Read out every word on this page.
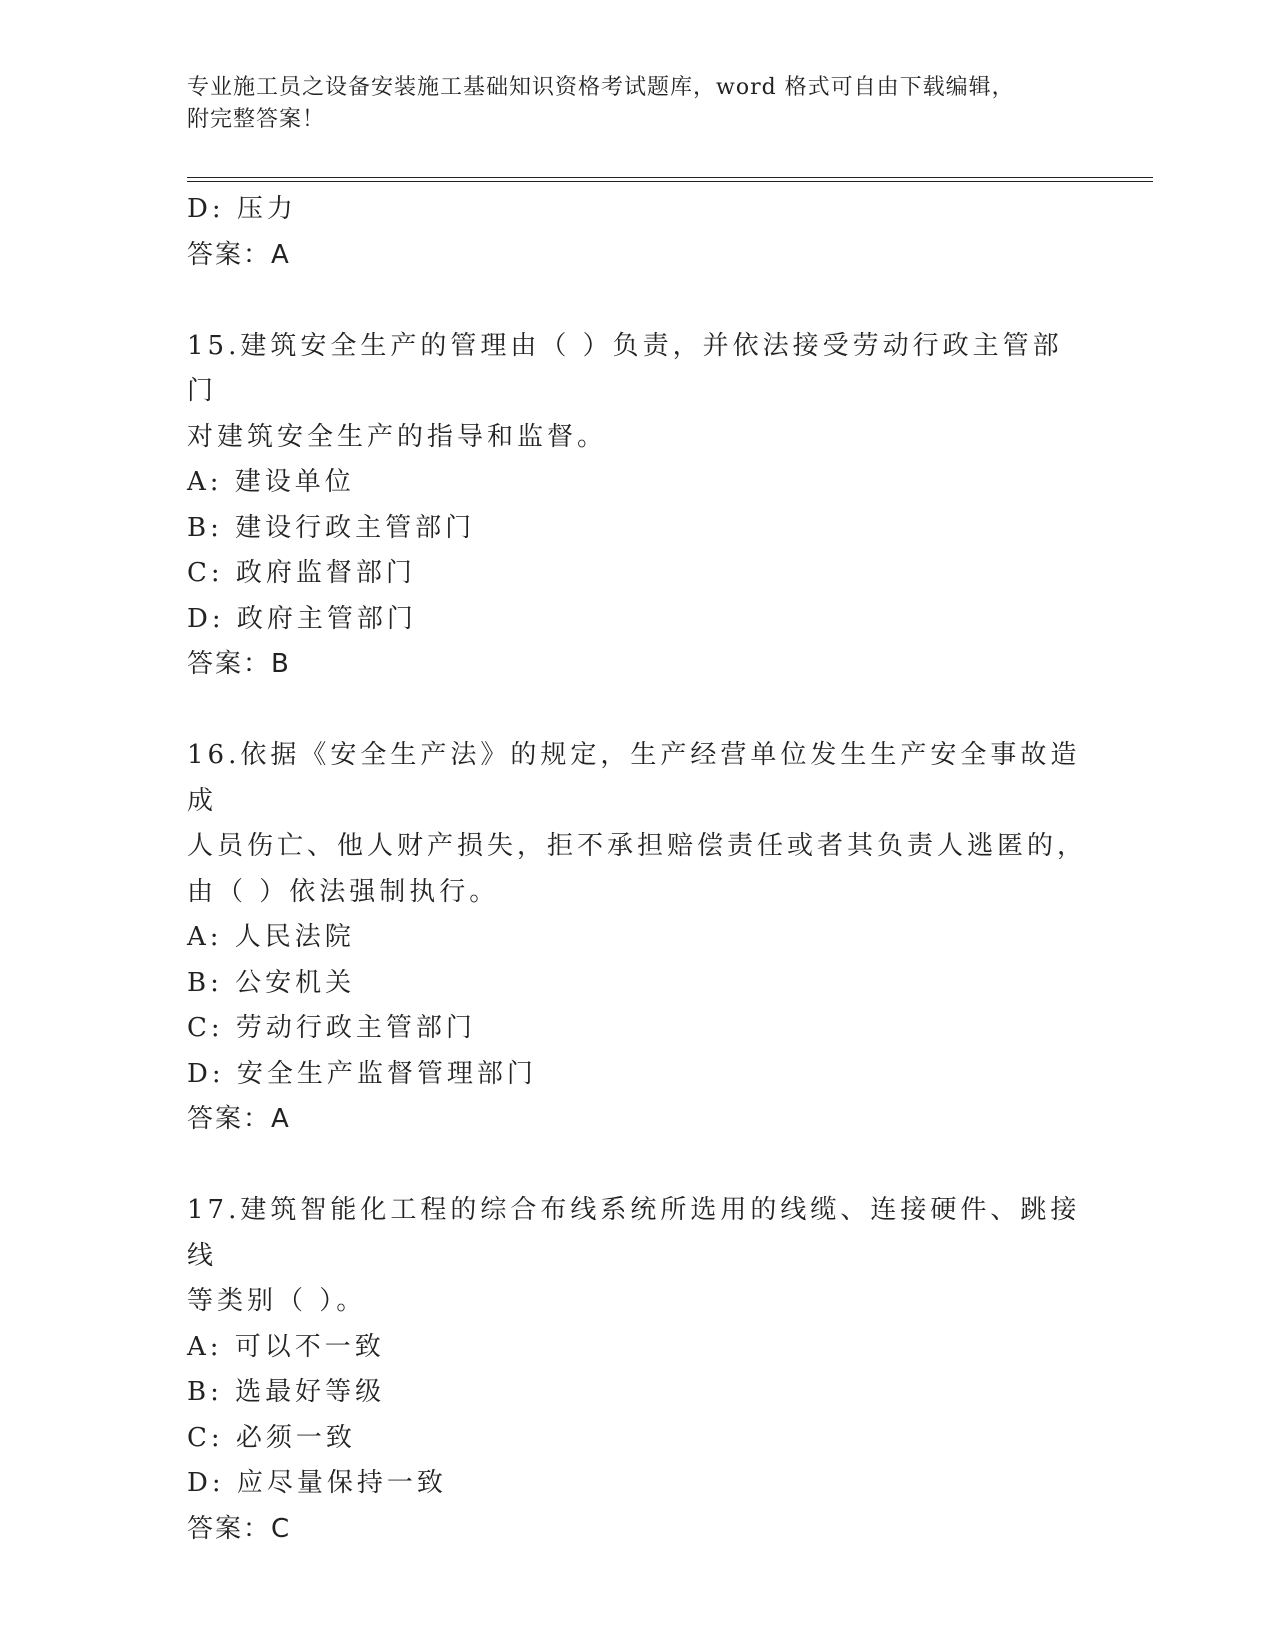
专业施工员之设备安装施工基础知识资格考试题库，word 格式可自由下载编辑，
附完整答案！
D: 压力
答案：A
15.建筑安全生产的管理由（ ）负责，并依法接受劳动行政主管部门
对建筑安全生产的指导和监督。
A: 建设单位
B: 建设行政主管部门
C: 政府监督部门
D: 政府主管部门
答案：B
16.依据《安全生产法》的规定，生产经营单位发生生产安全事故造成
人员伤亡、他人财产损失，拒不承担赔偿责任或者其负责人逃匿的，
由（ ）依法强制执行。
A: 人民法院
B: 公安机关
C: 劳动行政主管部门
D: 安全生产监督管理部门
答案：A
17.建筑智能化工程的综合布线系统所选用的线缆、连接硬件、跳接线
等类别（ ）。
A: 可以不一致
B: 选最好等级
C: 必须一致
D: 应尽量保持一致
答案：C
